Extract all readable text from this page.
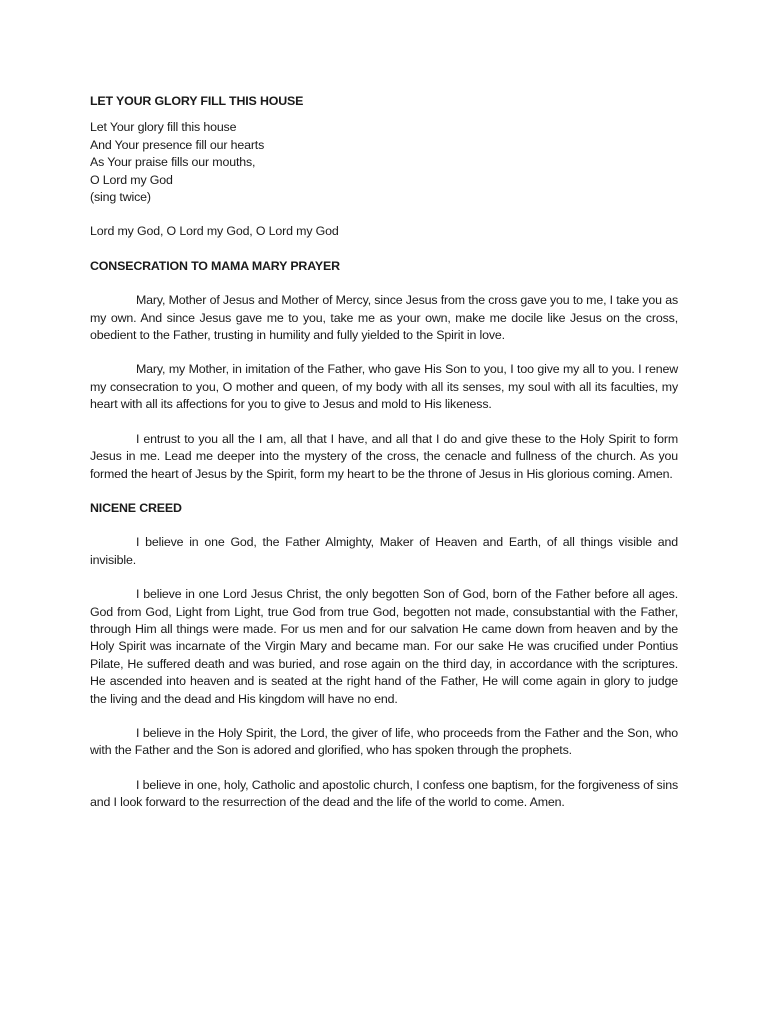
LET YOUR GLORY FILL THIS HOUSE

Let Your glory fill this house
And Your presence fill our hearts
As Your praise fills our mouths,
O Lord my God
(sing twice)

Lord my God, O Lord my God, O Lord my God

CONSECRATION TO MAMA MARY PRAYER

Mary, Mother of Jesus and Mother of Mercy, since Jesus from the cross gave you to me, I take you as my own. And since Jesus gave me to you, take me as your own, make me docile like Jesus on the cross, obedient to the Father, trusting in humility and fully yielded to the Spirit in love.

Mary, my Mother, in imitation of the Father, who gave His Son to you, I too give my all to you. I renew my consecration to you, O mother and queen, of my body with all its senses, my soul with all its faculties, my heart with all its affections for you to give to Jesus and mold to His likeness.

I entrust to you all the I am, all that I have, and all that I do and give these to the Holy Spirit to form Jesus in me. Lead me deeper into the mystery of the cross, the cenacle and fullness of the church. As you formed the heart of Jesus by the Spirit, form my heart to be the throne of Jesus in His glorious coming. Amen.

NICENE CREED

I believe in one God, the Father Almighty, Maker of Heaven and Earth, of all things visible and invisible.

I believe in one Lord Jesus Christ, the only begotten Son of God, born of the Father before all ages. God from God, Light from Light, true God from true God, begotten not made, consubstantial with the Father, through Him all things were made. For us men and for our salvation He came down from heaven and by the Holy Spirit was incarnate of the Virgin Mary and became man. For our sake He was crucified under Pontius Pilate, He suffered death and was buried, and rose again on the third day, in accordance with the scriptures. He ascended into heaven and is seated at the right hand of the Father, He will come again in glory to judge the living and the dead and His kingdom will have no end.

I believe in the Holy Spirit, the Lord, the giver of life, who proceeds from the Father and the Son, who with the Father and the Son is adored and glorified, who has spoken through the prophets.

I believe in one, holy, Catholic and apostolic church, I confess one baptism, for the forgiveness of sins and I look forward to the resurrection of the dead and the life of the world to come. Amen.
